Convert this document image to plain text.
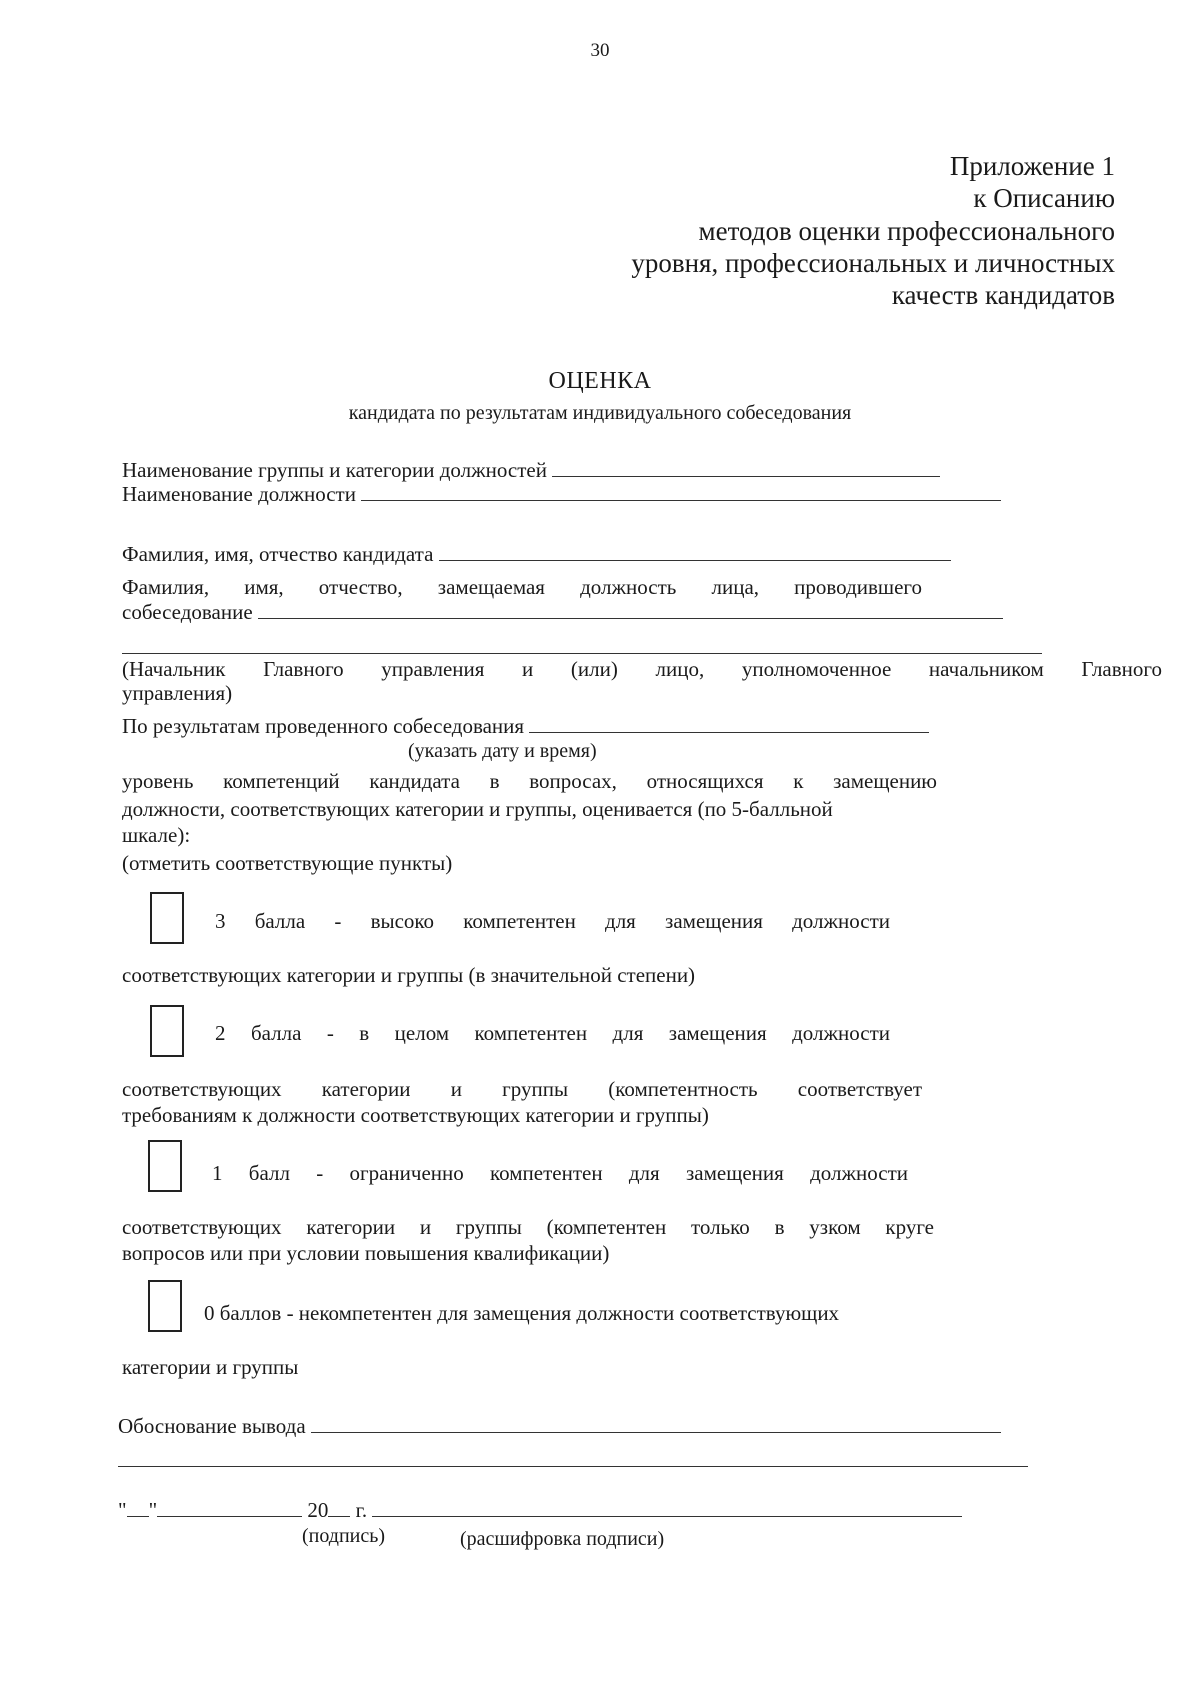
30
Приложение 1
к Описанию
методов оценки профессионального
уровня, профессиональных и личностных
качеств кандидатов
ОЦЕНКА
кандидата по результатам индивидуального собеседования
Наименование группы и категории должностей
Наименование должности
Фамилия, имя, отчество кандидата
Фамилия, имя, отчество, замещаемая должность лица, проводившего
собеседование
(Начальник Главного управления и (или) лицо, уполномоченное начальником Главного
управления)
По результатам проведенного собеседования
(указать дату и время)
уровень компетенций кандидата в вопросах, относящихся к замещению
должности, соответствующих категории и группы, оценивается (по 5-балльной
шкале):
(отметить соответствующие пункты)
3 балла - высоко компетентен для замещения должности
соответствующих категории и группы (в значительной степени)
2 балла - в целом компетентен для замещения должности
соответствующих категории и группы (компетентность соответствует
требованиям к должности соответствующих категории и группы)
1 балл - ограниченно компетентен для замещения должности
соответствующих категории и группы (компетентен только в узком круге
вопросов или при условии повышения квалификации)
0 баллов - некомпетентен для замещения должности соответствующих
категории и группы
Обоснование вывода
" "	20 г.
(подпись)	(расшифровка подписи)
